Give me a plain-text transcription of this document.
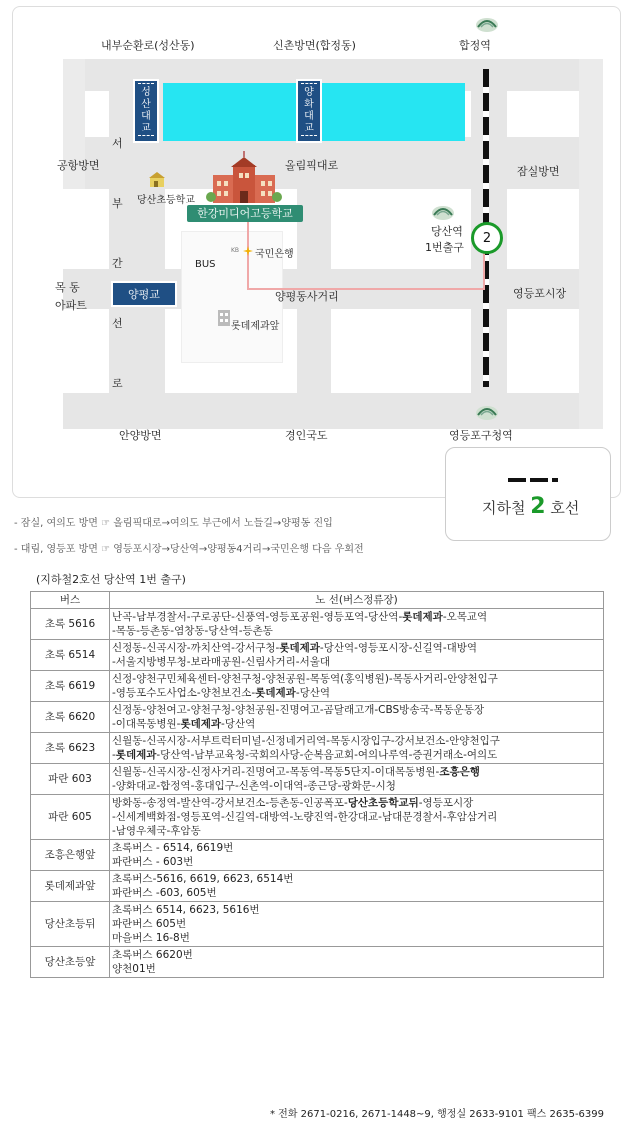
성산대교
양화대교
양평교
2
한강미디어고등학교
내부순환로(성산동)	신촌방면(합정동)	합정역
서
부
간
선
로
공항방면	올림픽대로	잠실방면
당산초등학교
BUS
KB 국민은행
당산역
1번출구
목 동
아파트
양평동사거리	영등포시장
롯데제과앞
안양방면	경인국도	영등포구청역
지하철 2 호선
- 잠실, 여의도 방면 ☞ 올림픽대로→여의도 부근에서 노들길→양평동 진입
- 대림, 영등포 방면 ☞ 영등포시장→당산역→양평동4거리→국민은행 다음 우회전
(지하철2호선 당산역 1번 출구)
버스	노 선(버스정류장)
초록 5616	난곡-남부경찰서-구로공단-신풍역-영등포공원-영등포역-당산역-롯데제과-오목교역
-목동-등촌동-염창동-당산역-등촌동

초록 6514	신정동-신곡시장-까치산역-강서구청-롯데제과-당산역-영등포시장-신길역-대방역
-서울지방병무청-보라매공원-신림사거리-서울대

초록 6619	신정-양천구민체육센터-양천구청-양천공원-목동역(홍익병원)-목동사거리-안양천입구
-영등포수도사업소-양천보건소-롯데제과-당산역

초록 6620	신정동-양천여고-양천구청-양천공원-진명여고-곰달래고개-CBS방송국-목동운동장
-이대목동병원-롯데제과-당산역

초록 6623	신월동-신곡시장-서부트럭터미널-신정네거리역-목동시장입구-강서보건소-안양천입구
-롯데제과-당산역-남부교육청-국회의사당-순복음교회-여의나루역-증권거래소-여의도

파란 603	신월동-신곡시장-신정사거리-진명여고-목동역-목동5단지-이대목동병원-조흥은행
-양화대교-합정역-홍대입구-신촌역-이대역-종근당-광화문-시청

파란 605	방화동-송정역-발산역-강서보건소-등촌동-인공폭포-당산초등학교뒤-영등포시장
-신세계백화점-영등포역-신길역-대방역-노량진역-한강대교-남대문경찰서-후암삼거리
-남영우체국-후암동

조흥은행앞	초록버스 - 6514, 6619번
파란버스 - 603번

롯데제과앞	초록버스-5616, 6619, 6623, 6514번
파란버스 -603, 605번

당산초등뒤	초록버스 6514, 6623, 5616번
파란버스 605번
마을버스 16-8번

당산초등앞	초록버스 6620번
양천01번
* 전화 2671-0216, 2671-1448~9, 행정실 2633-9101 팩스 2635-6399
